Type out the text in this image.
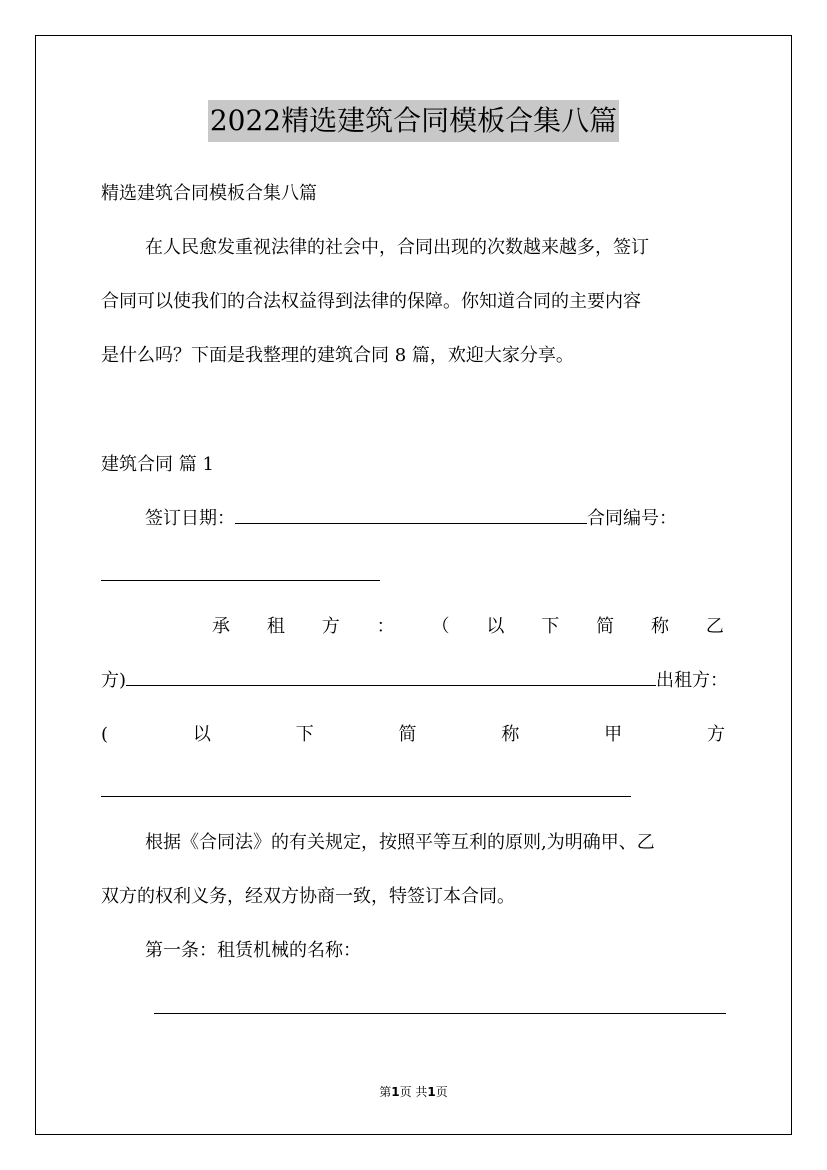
2022精选建筑合同模板合集八篇
精选建筑合同模板合集八篇
在人民愈发重视法律的社会中，合同出现的次数越来越多，签订
合同可以使我们的合法权益得到法律的保障。你知道合同的主要内容
是什么吗？下面是我整理的建筑合同 8 篇，欢迎大家分享。
建筑合同 篇 1
签订日期：	合同编号：
承 租 方 ： （ 以 下 简 称 乙
方)	出租方：
(	以	下	简	称	甲	方
根据《合同法》的有关规定，按照平等互利的原则,为明确甲、乙
双方的权利义务，经双方协商一致，特签订本合同。
第一条：租赁机械的名称：
第1页 共1页
